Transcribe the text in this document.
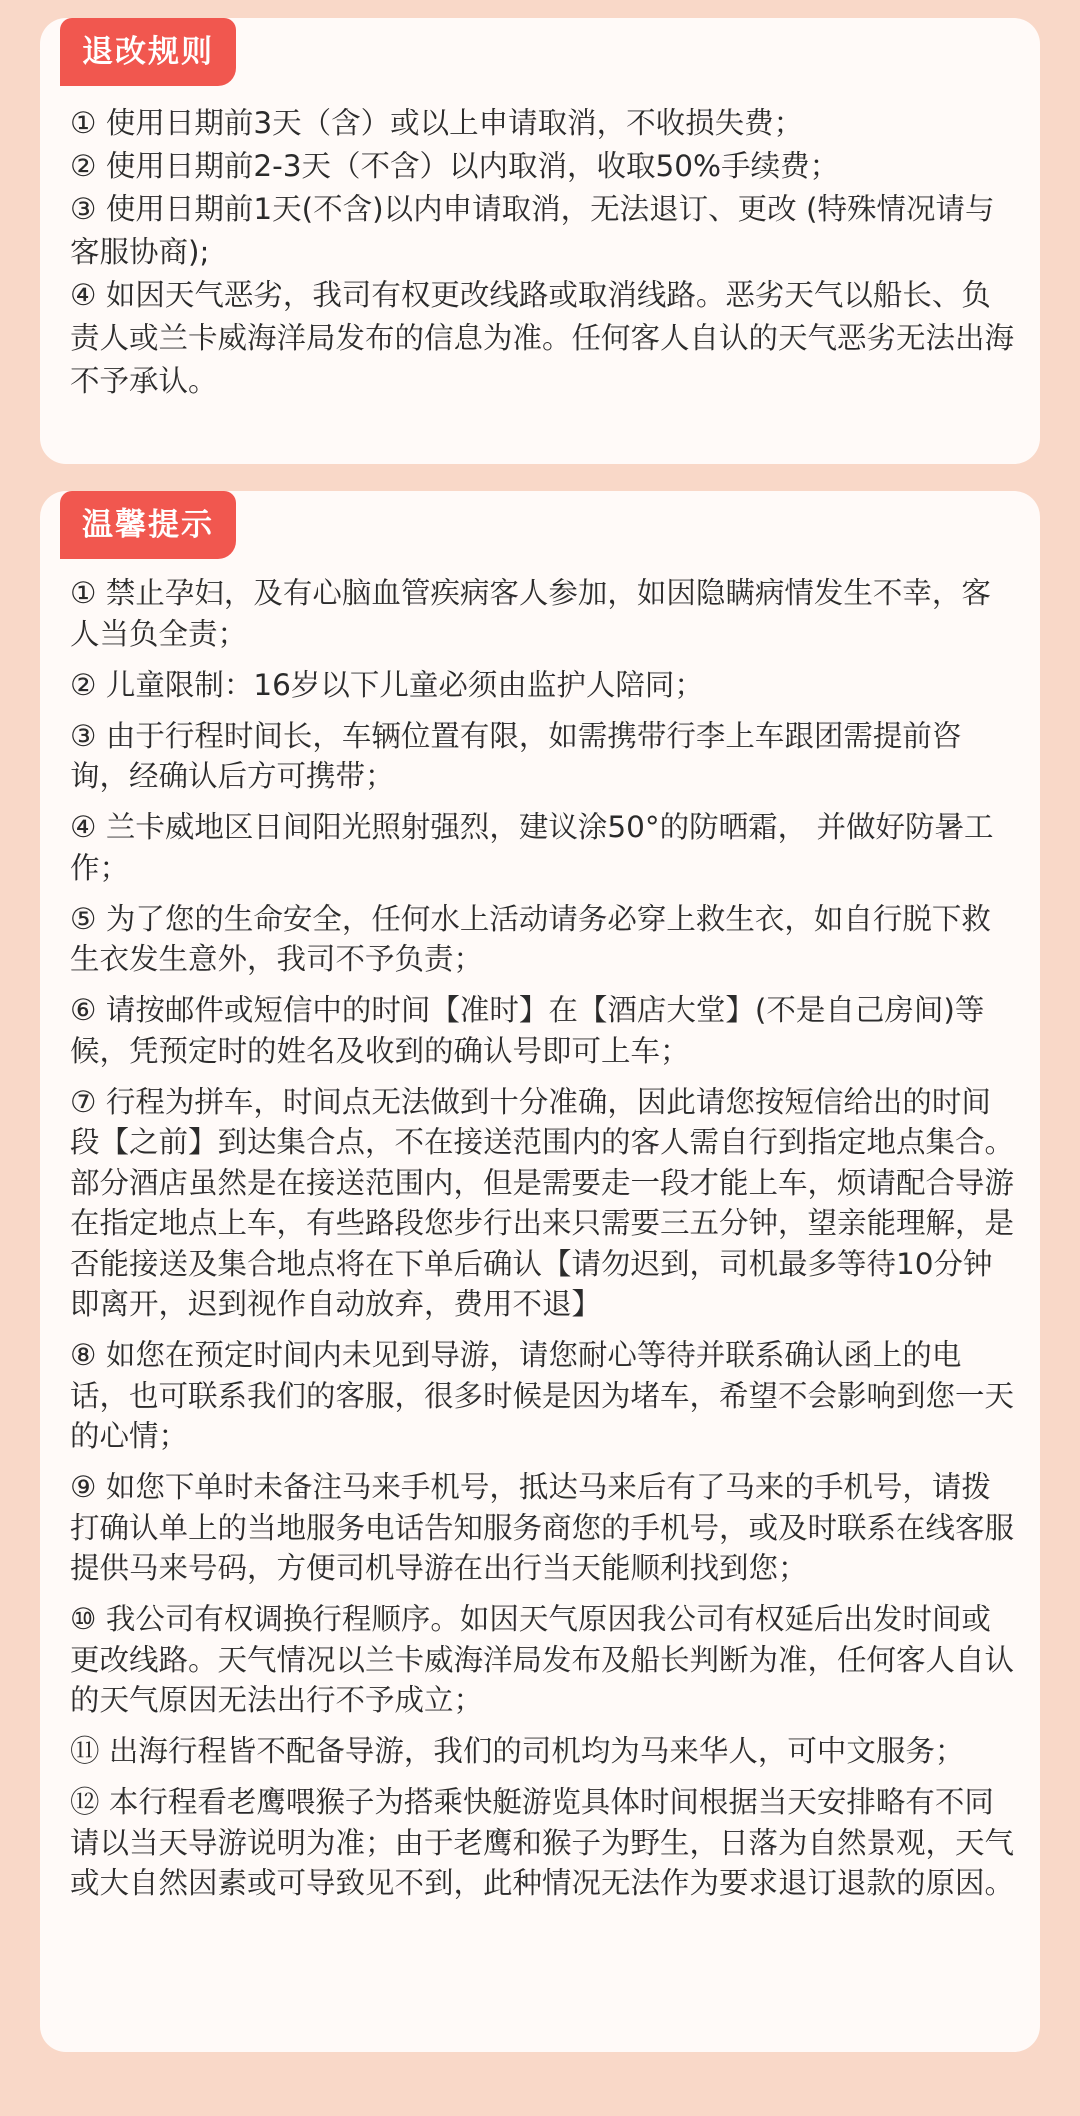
退改规则

① 使用日期前3天（含）或以上申请取消，不收损失费；

② 使用日期前2-3天（不含）以内取消，收取50%手续费；

③ 使用日期前1天(不含)以内申请取消，无法退订、更改 (特殊情况请与客服协商);

④ 如因天气恶劣，我司有权更改线路或取消线路。恶劣天气以船长、负责人或兰卡威海洋局发布的信息为准。任何客人自认的天气恶劣无法出海不予承认。

温馨提示

① 禁止孕妇，及有心脑血管疾病客人参加，如因隐瞒病情发生不幸，客人当负全责；

② 儿童限制：16岁以下儿童必须由监护人陪同；

③ 由于行程时间长，车辆位置有限，如需携带行李上车跟团需提前咨询，经确认后方可携带；

④ 兰卡威地区日间阳光照射强烈，建议涂50°的防晒霜， 并做好防暑工作；

⑤ 为了您的生命安全，任何水上活动请务必穿上救生衣，如自行脱下救生衣发生意外，我司不予负责；

⑥ 请按邮件或短信中的时间【准时】在【酒店大堂】(不是自己房间)等候，凭预定时的姓名及收到的确认号即可上车；

⑦ 行程为拼车，时间点无法做到十分准确，因此请您按短信给出的时间段【之前】到达集合点，不在接送范围内的客人需自行到指定地点集合。部分酒店虽然是在接送范围内，但是需要走一段才能上车，烦请配合导游在指定地点上车，有些路段您步行出来只需要三五分钟，望亲能理解，是否能接送及集合地点将在下单后确认【请勿迟到，司机最多等待10分钟即离开，迟到视作自动放弃，费用不退】

⑧ 如您在预定时间内未见到导游，请您耐心等待并联系确认函上的电话，也可联系我们的客服，很多时候是因为堵车，希望不会影响到您一天的心情；

⑨ 如您下单时未备注马来手机号，抵达马来后有了马来的手机号，请拨打确认单上的当地服务电话告知服务商您的手机号，或及时联系在线客服提供马来号码，方便司机导游在出行当天能顺利找到您；

⑩ 我公司有权调换行程顺序。如因天气原因我公司有权延后出发时间或更改线路。天气情况以兰卡威海洋局发布及船长判断为准，任何客人自认的天气原因无法出行不予成立；

⑪ 出海行程皆不配备导游，我们的司机均为马来华人，可中文服务；

⑫ 本行程看老鹰喂猴子为搭乘快艇游览具体时间根据当天安排略有不同请以当天导游说明为准；由于老鹰和猴子为野生，日落为自然景观，天气或大自然因素或可导致见不到，此种情况无法作为要求退订退款的原因。
